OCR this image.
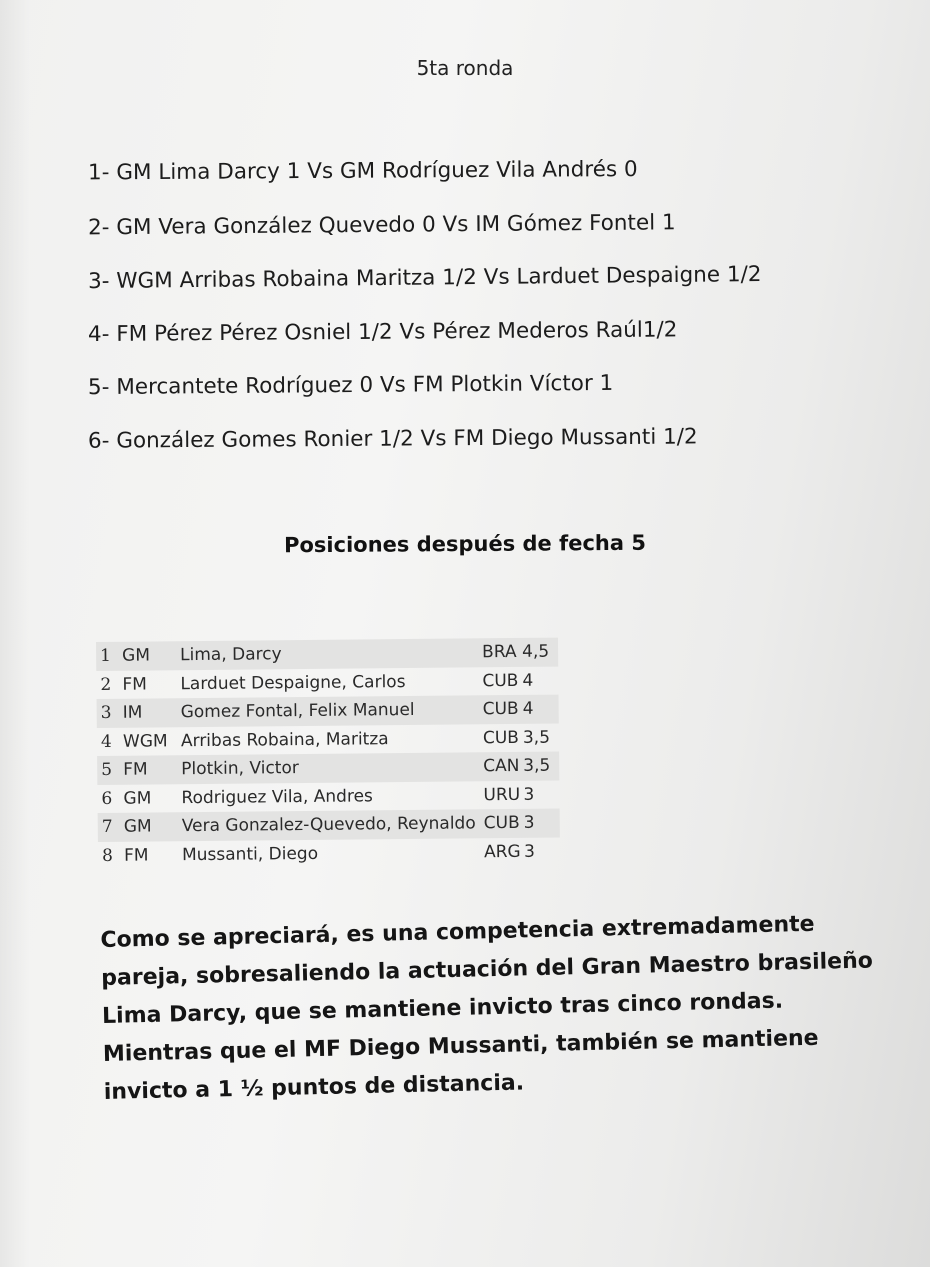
5ta ronda
1- GM Lima Darcy 1 Vs GM Rodríguez Vila Andrés 0
2- GM Vera González Quevedo 0 Vs IM Gómez Fontel 1
3- WGM Arribas Robaina Maritza 1/2 Vs Larduet Despaigne 1/2
4- FM Pérez Pérez Osniel 1/2 Vs Pérez Mederos Raúl1/2
5- Mercantete Rodríguez 0 Vs FM Plotkin Víctor 1
6- González Gomes Ronier 1/2 Vs FM Diego Mussanti 1/2
Posiciones después de fecha 5
1 GM	Lima, Darcy	BRA 4,5
2 FM	Larduet Despaigne, Carlos	CUB 4
3 IM	Gomez Fontal, Felix Manuel	CUB 4
4 WGM Arribas Robaina, Maritza	CUB 3,5
5 FM	Plotkin, Victor	CAN 3,5
6 GM	Rodriguez Vila, Andres	URU 3
7 GM	Vera Gonzalez-Quevedo, Reynaldo CUB 3
8 FM	Mussanti, Diego	ARG 3
Como se apreciará, es una competencia extremadamente pareja, sobresaliendo la actuación del Gran Maestro brasileño Lima Darcy, que se mantiene invicto tras cinco rondas. Mientras que el MF Diego Mussanti, también se mantiene invicto a 1 ½ puntos de distancia.
